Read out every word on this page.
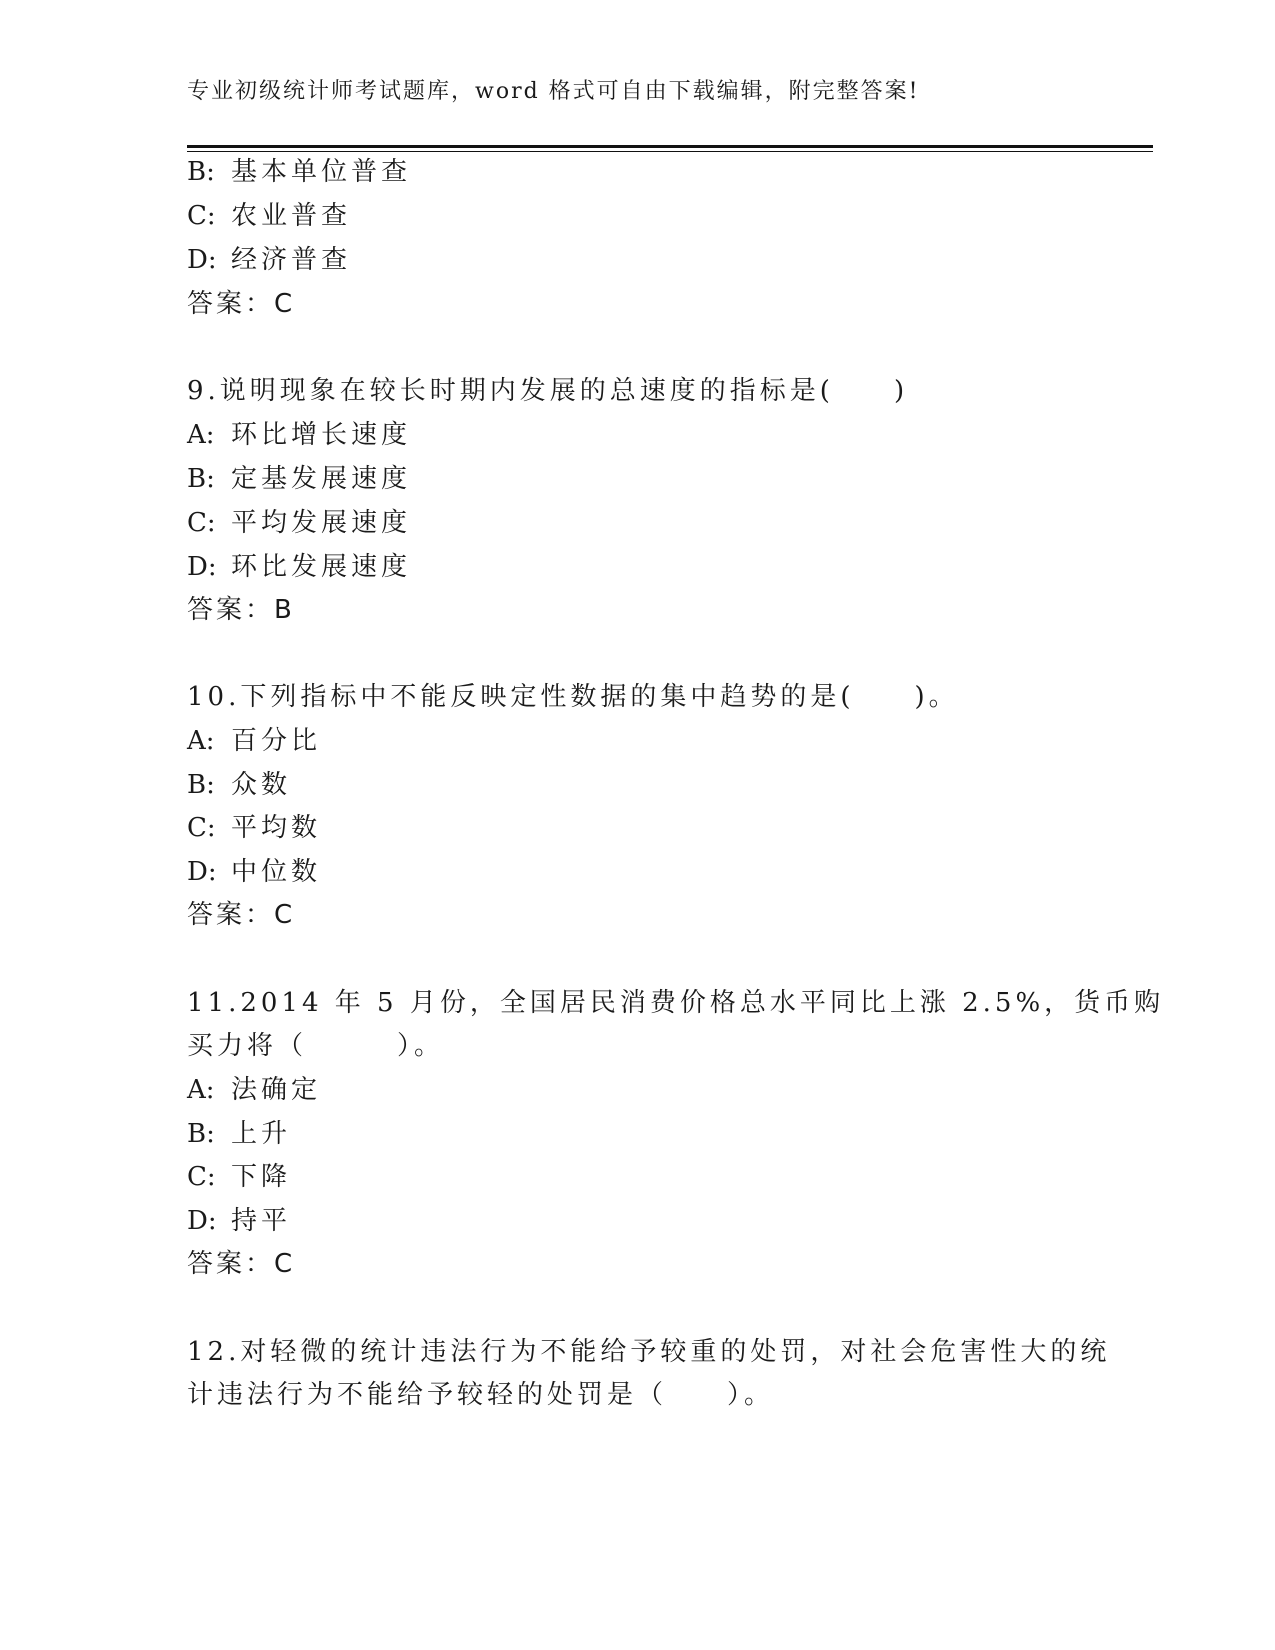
专业初级统计师考试题库，word 格式可自由下载编辑，附完整答案!
B: 基本单位普查
C: 农业普查
D: 经济普查
答案：C
9.说明现象在较长时期内发展的总速度的指标是(　　)
A: 环比增长速度
B: 定基发展速度
C: 平均发展速度
D: 环比发展速度
答案：B
10.下列指标中不能反映定性数据的集中趋势的是(　　)。
A: 百分比
B: 众数
C: 平均数
D: 中位数
答案：C
11.2014 年 5 月份，全国居民消费价格总水平同比上涨 2.5%，货币购
买力将（　　　）。
A: 法确定
B: 上升
C: 下降
D: 持平
答案：C
12.对轻微的统计违法行为不能给予较重的处罚，对社会危害性大的统
计违法行为不能给予较轻的处罚是（　　）。
